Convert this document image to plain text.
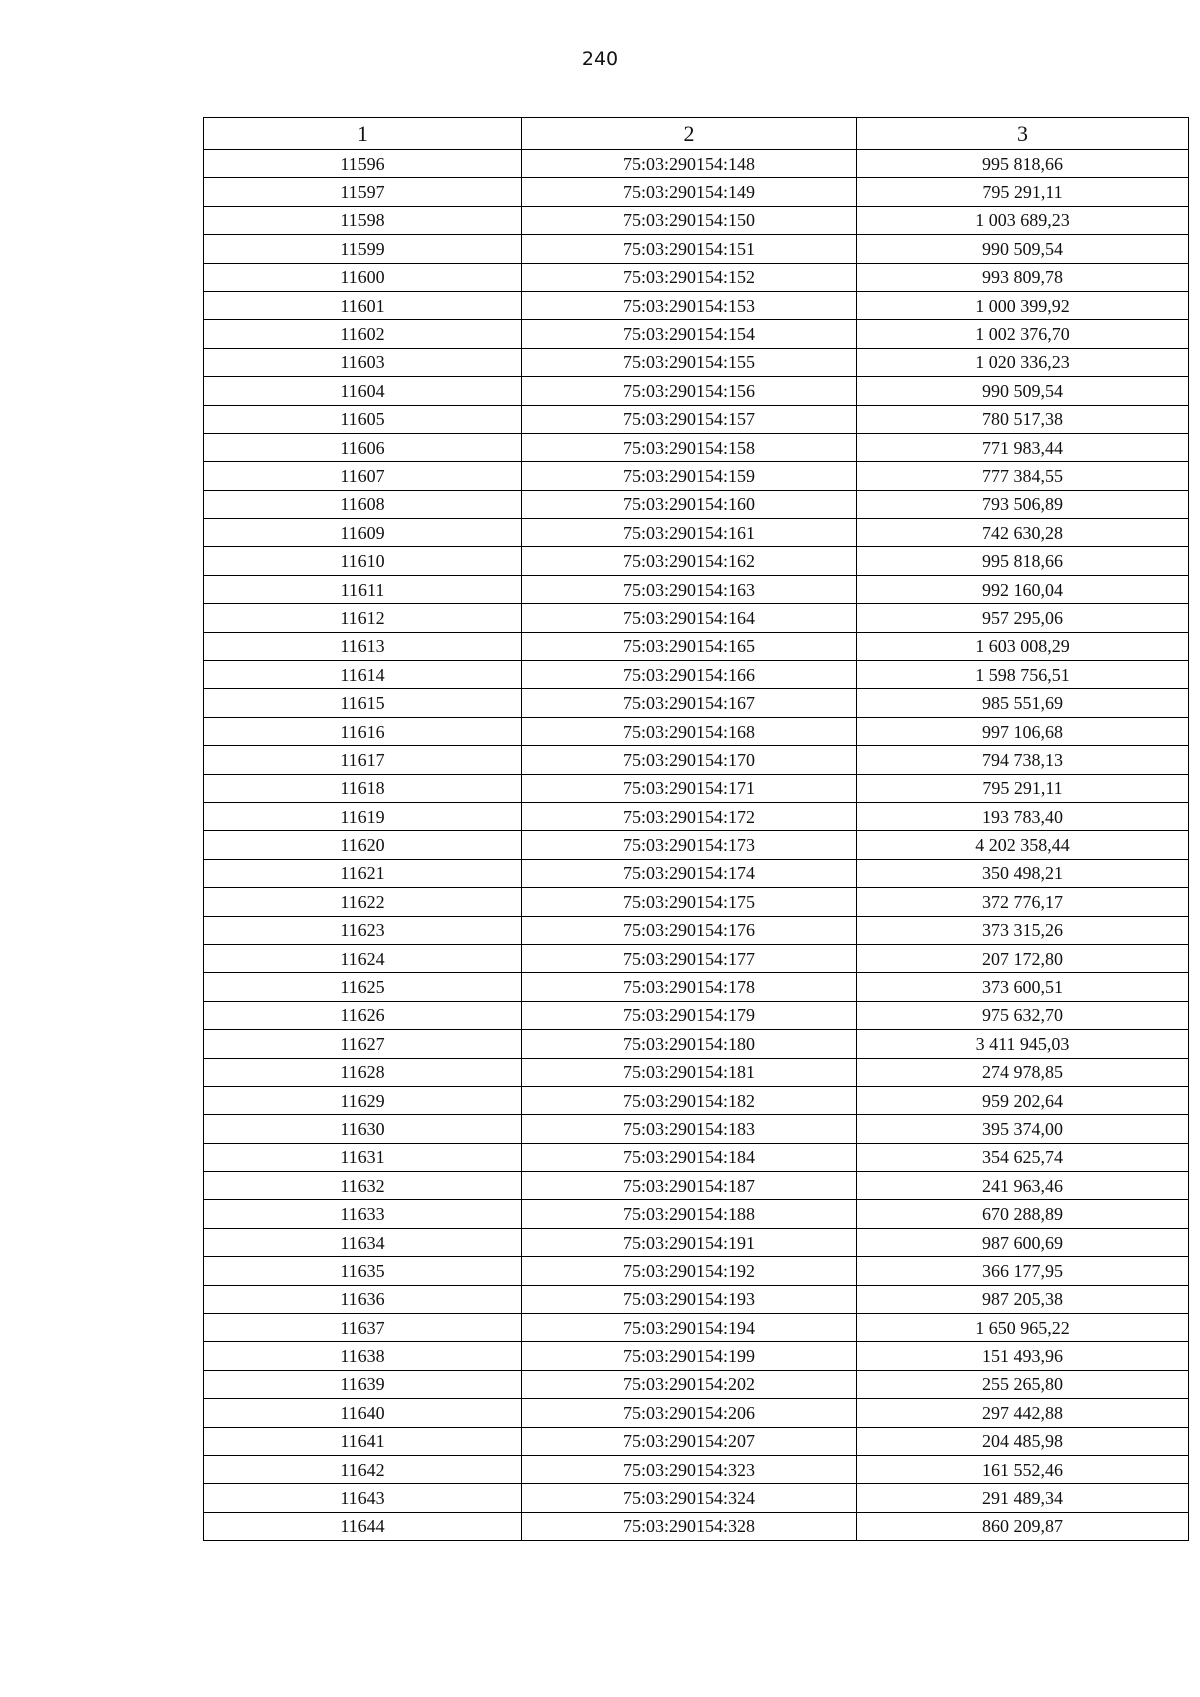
240
1	2	3
11596	75:03:290154:148	995 818,66
11597	75:03:290154:149	795 291,11
11598	75:03:290154:150	1 003 689,23
11599	75:03:290154:151	990 509,54
11600	75:03:290154:152	993 809,78
11601	75:03:290154:153	1 000 399,92
11602	75:03:290154:154	1 002 376,70
11603	75:03:290154:155	1 020 336,23
11604	75:03:290154:156	990 509,54
11605	75:03:290154:157	780 517,38
11606	75:03:290154:158	771 983,44
11607	75:03:290154:159	777 384,55
11608	75:03:290154:160	793 506,89
11609	75:03:290154:161	742 630,28
11610	75:03:290154:162	995 818,66
11611	75:03:290154:163	992 160,04
11612	75:03:290154:164	957 295,06
11613	75:03:290154:165	1 603 008,29
11614	75:03:290154:166	1 598 756,51
11615	75:03:290154:167	985 551,69
11616	75:03:290154:168	997 106,68
11617	75:03:290154:170	794 738,13
11618	75:03:290154:171	795 291,11
11619	75:03:290154:172	193 783,40
11620	75:03:290154:173	4 202 358,44
11621	75:03:290154:174	350 498,21
11622	75:03:290154:175	372 776,17
11623	75:03:290154:176	373 315,26
11624	75:03:290154:177	207 172,80
11625	75:03:290154:178	373 600,51
11626	75:03:290154:179	975 632,70
11627	75:03:290154:180	3 411 945,03
11628	75:03:290154:181	274 978,85
11629	75:03:290154:182	959 202,64
11630	75:03:290154:183	395 374,00
11631	75:03:290154:184	354 625,74
11632	75:03:290154:187	241 963,46
11633	75:03:290154:188	670 288,89
11634	75:03:290154:191	987 600,69
11635	75:03:290154:192	366 177,95
11636	75:03:290154:193	987 205,38
11637	75:03:290154:194	1 650 965,22
11638	75:03:290154:199	151 493,96
11639	75:03:290154:202	255 265,80
11640	75:03:290154:206	297 442,88
11641	75:03:290154:207	204 485,98
11642	75:03:290154:323	161 552,46
11643	75:03:290154:324	291 489,34
11644	75:03:290154:328	860 209,87
